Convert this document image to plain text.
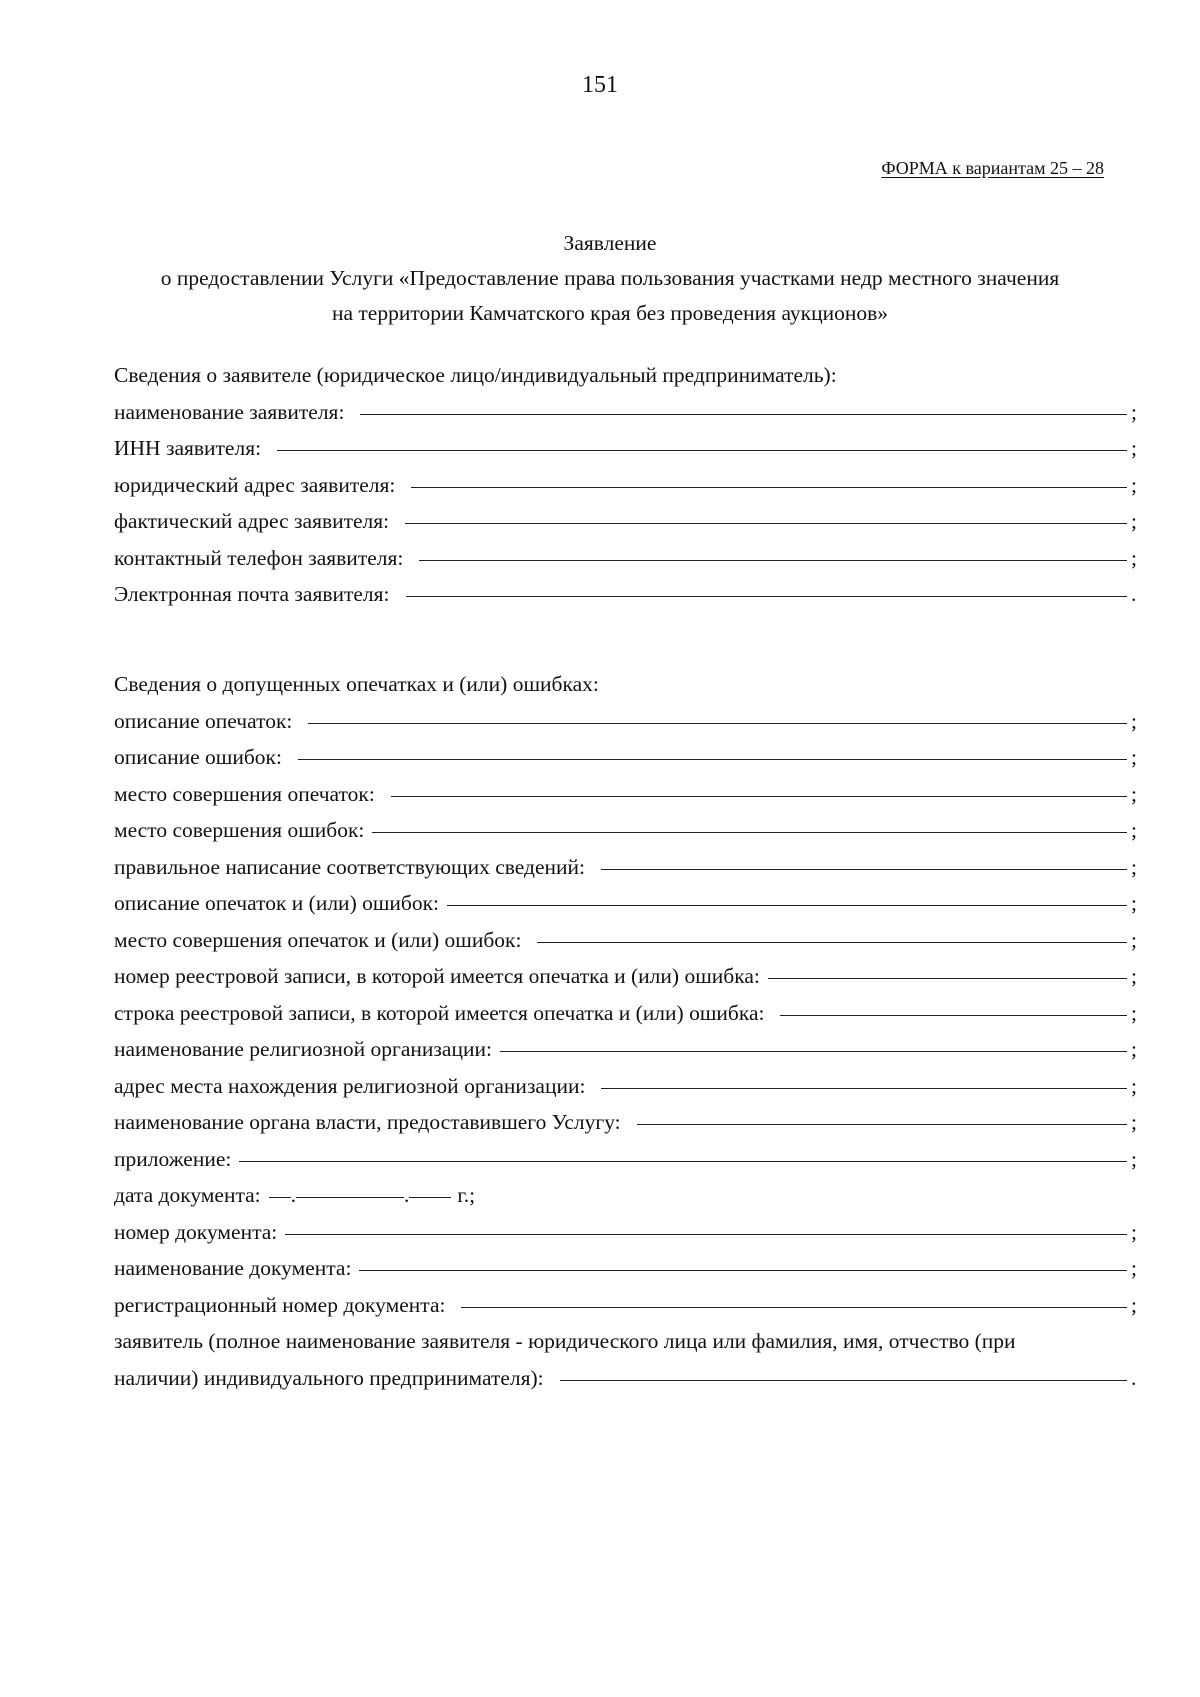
151
ФОРМА к вариантам 25 – 28
Заявление
о предоставлении Услуги «Предоставление права пользования участками недр местного значения
на территории Камчатского края без проведения аукционов»
Сведения о заявителе (юридическое лицо/индивидуальный предприниматель):
наименование заявителя:	;
ИНН заявителя:	;
юридический адрес заявителя:	;
фактический адрес заявителя:	;
контактный телефон заявителя:	;
Электронная почта заявителя:	.
Сведения о допущенных опечатках и (или) ошибках:
описание опечаток:	;
описание ошибок:	;
место совершения опечаток:	;
место совершения ошибок:	;
правильное написание соответствующих сведений:	;
описание опечаток и (или) ошибок:	;
место совершения опечаток и (или) ошибок:	;
номер реестровой записи, в которой имеется опечатка и (или) ошибка:	;
строка реестровой записи, в которой имеется опечатка и (или) ошибка:	;
наименование религиозной организации:	;
адрес места нахождения религиозной организации:	;
наименование органа власти, предоставившего Услугу:	;
приложение:	;
дата документа: .	. г.;
номер документа:	;
наименование документа:	;
регистрационный номер документа:	;
заявитель (полное наименование заявителя - юридического лица или фамилия, имя, отчество (при
наличии) индивидуального предпринимателя):	.
